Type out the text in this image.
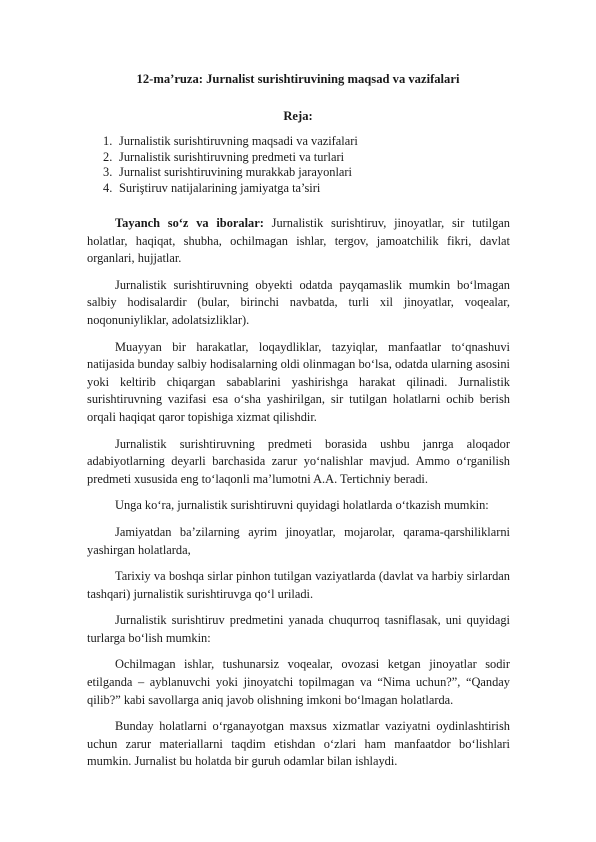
12-ma’ruza: Jurnalist surishtiruvining maqsad va vazifalari
Reja:
1. Jurnalistik surishtiruvning maqsadi va vazifalari
2. Jurnalistik surishtiruvning predmeti va turlari
3. Jurnalist surishtiruvining murakkab jarayonlari
4. Suriştiruv natijalarining jamiyatga ta’siri

Tayanch so‘z va iboralar: Jurnalistik surishtiruv, jinoyatlar, sir tutilgan holatlar, haqiqat, shubha, ochilmagan ishlar, tergov, jamoatchilik fikri, davlat organlari, hujjatlar.

Jurnalistik surishtiruvning obyekti odatda payqamaslik mumkin bo‘lmagan salbiy hodisalardir (bular, birinchi navbatda, turli xil jinoyatlar, voqealar, noqonuniyliklar, adolatsizliklar).

Muayyan bir harakatlar, loqaydliklar, tazyiqlar, manfaatlar to‘qnashuvi natijasida bunday salbiy hodisalarning oldi olinmagan bo‘lsa, odatda ularning asosini yoki keltirib chiqargan sabablarini yashirishga harakat qilinadi. Jurnalistik surishtiruvning vazifasi esa o‘sha yashirilgan, sir tutilgan holatlarni ochib berish orqali haqiqat qaror topishiga xizmat qilishdir.

Jurnalistik surishtiruvning predmeti borasida ushbu janrga aloqador adabiyotlarning deyarli barchasida zarur yo‘nalishlar mavjud. Ammo o‘rganilish predmeti xususida eng to‘laqonli ma’lumotni A.A. Tertichniy beradi.

Unga ko‘ra, jurnalistik surishtiruvni quyidagi holatlarda o‘tkazish mumkin:

Jamiyatdan ba’zilarning ayrim jinoyatlar, mojarolar, qarama-qarshiliklarni yashirgan holatlarda,

Tarixiy va boshqa sirlar pinhon tutilgan vaziyatlarda (davlat va harbiy sirlardan tashqari) jurnalistik surishtiruvga qo‘l uriladi.

Jurnalistik surishtiruv predmetini yanada chuqurroq tasniflasak, uni quyidagi turlarga bo‘lish mumkin:

Ochilmagan ishlar, tushunarsiz voqealar, ovozasi ketgan jinoyatlar sodir etilganda – ayblanuvchi yoki jinoyatchi topilmagan va “Nima uchun?”, “Qanday qilib?” kabi savollarga aniq javob olishning imkoni bo‘lmagan holatlarda.

Bunday holatlarni o‘rganayotgan maxsus xizmatlar vaziyatni oydinlashtirish uchun zarur materiallarni taqdim etishdan o‘zlari ham manfaatdor bo‘lishlari mumkin. Jurnalist bu holatda bir guruh odamlar bilan ishlaydi.
